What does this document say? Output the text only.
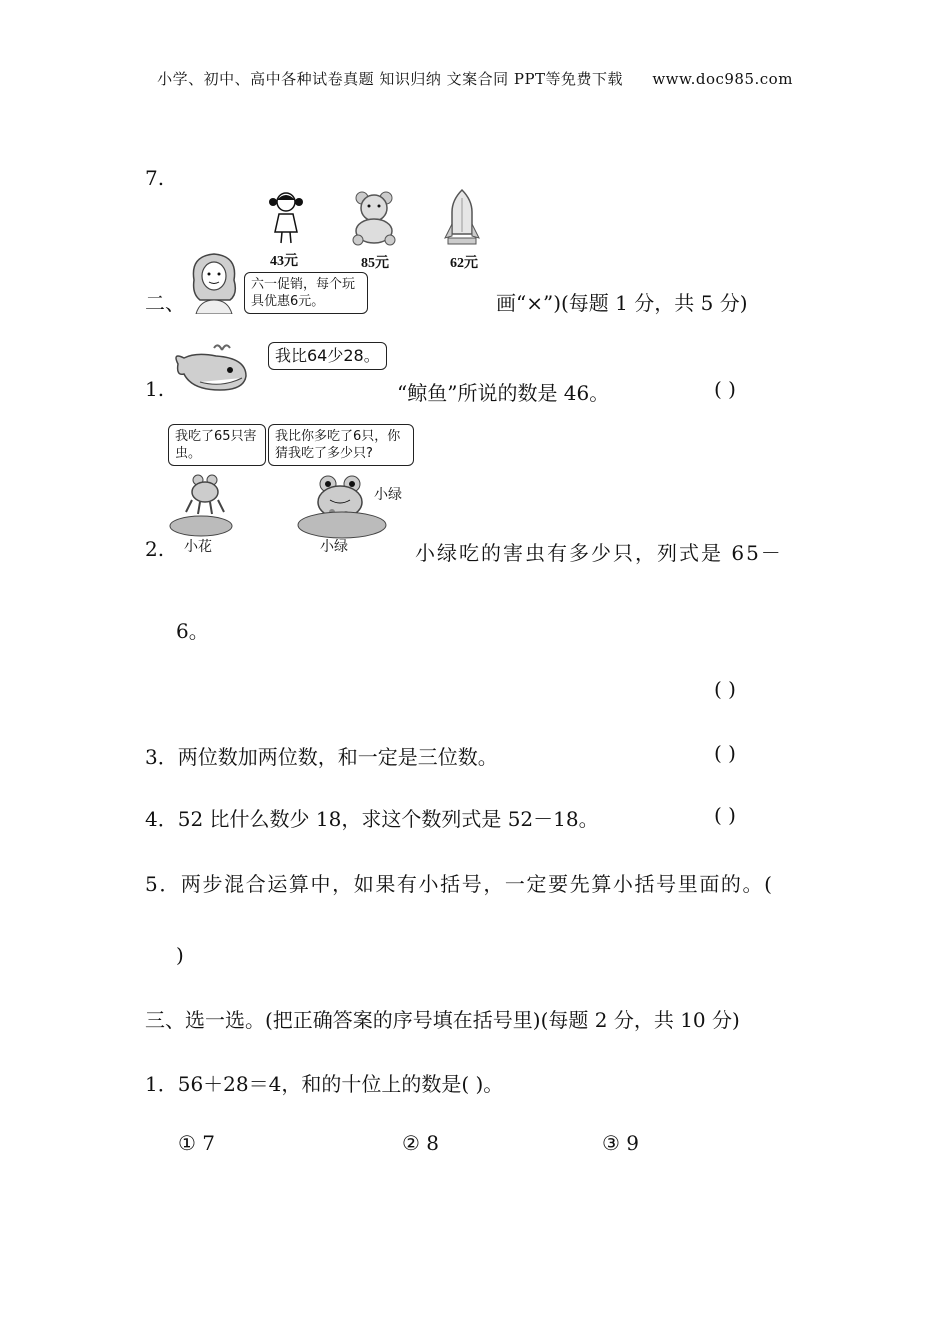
小学、初中、高中各种试卷真题 知识归纳 文案合同 PPT等免费下载 www.doc985.com
7.
43元	85元	62元
六一促销，每个玩具优惠6元。
二、	画“×”)(每题 1 分，共 5 分)
我比64少28。
1.	“鲸鱼”所说的数是 46。	( )
我吃了65只害虫。
我比你多吃了6只，你猜我吃了多少只?
小绿
小花	小绿
2.	小绿吃的害虫有多少只，列式是 65－
6。
( )
3．两位数加两位数，和一定是三位数。	( )
4．52 比什么数少 18，求这个数列式是 52－18。	( )
5．两步混合运算中，如果有小括号，一定要先算小括号里面的。(
)
三、选一选。(把正确答案的序号填在括号里)(每题 2 分，共 10 分)
1．56＋28＝4，和的十位上的数是( )。
① 7	② 8	③ 9
